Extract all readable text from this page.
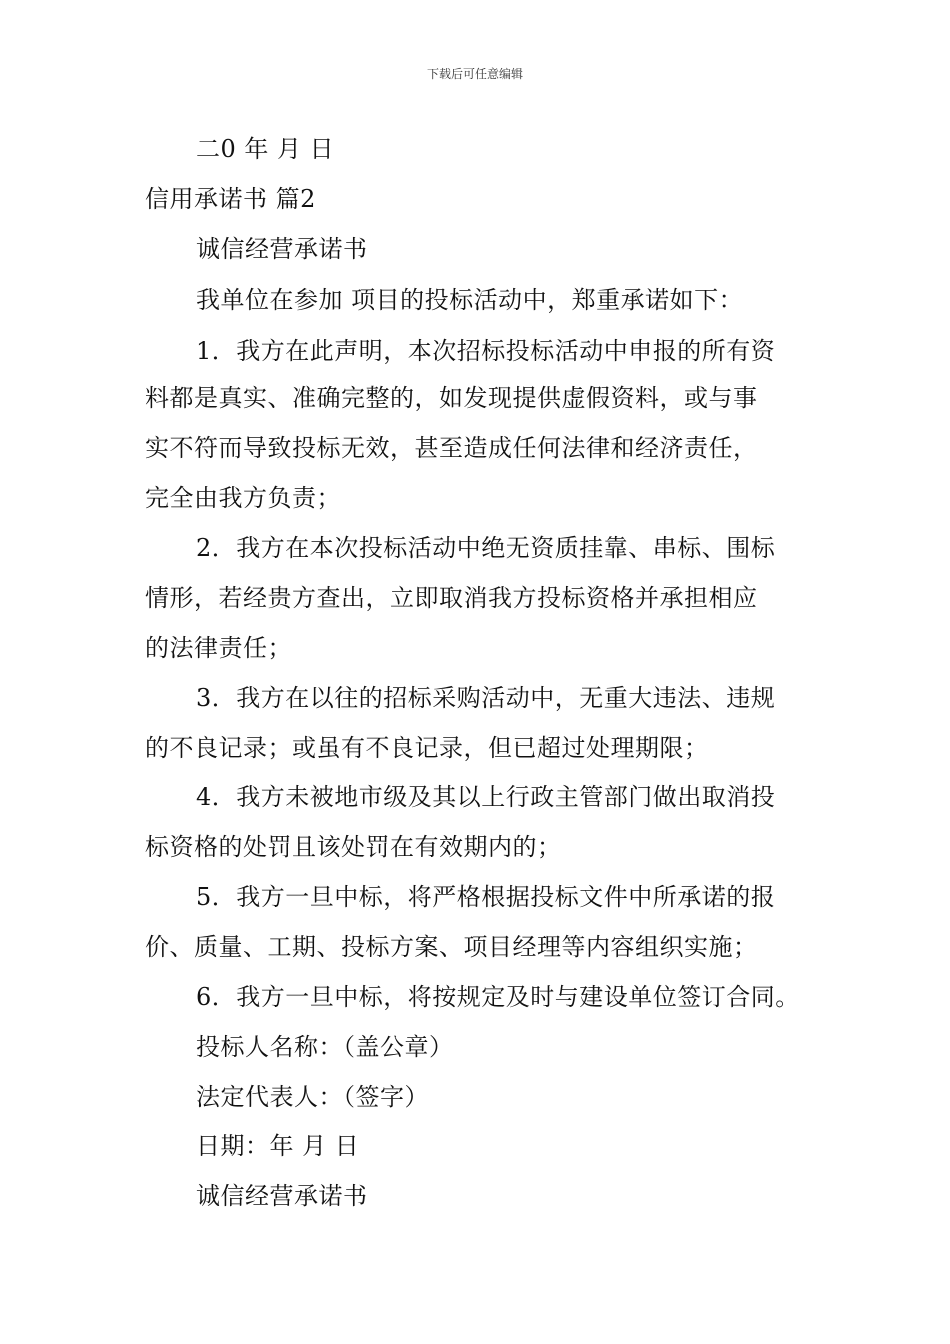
下载后可任意编辑
二0 年 月 日
信用承诺书 篇2
诚信经营承诺书
我单位在参加 项目的投标活动中，郑重承诺如下：
1．我方在此声明，本次招标投标活动中申报的所有资
料都是真实、准确完整的，如发现提供虚假资料，或与事
实不符而导致投标无效，甚至造成任何法律和经济责任，
完全由我方负责；
2．我方在本次投标活动中绝无资质挂靠、串标、围标
情形，若经贵方查出，立即取消我方投标资格并承担相应
的法律责任；
3．我方在以往的招标采购活动中，无重大违法、违规
的不良记录；或虽有不良记录，但已超过处理期限；
4．我方未被地市级及其以上行政主管部门做出取消投
标资格的处罚且该处罚在有效期内的；
5．我方一旦中标，将严格根据投标文件中所承诺的报
价、质量、工期、投标方案、项目经理等内容组织实施；
6．我方一旦中标，将按规定及时与建设单位签订合同。
投标人名称：（盖公章）
法定代表人：（签字）
日期：年 月 日
诚信经营承诺书
